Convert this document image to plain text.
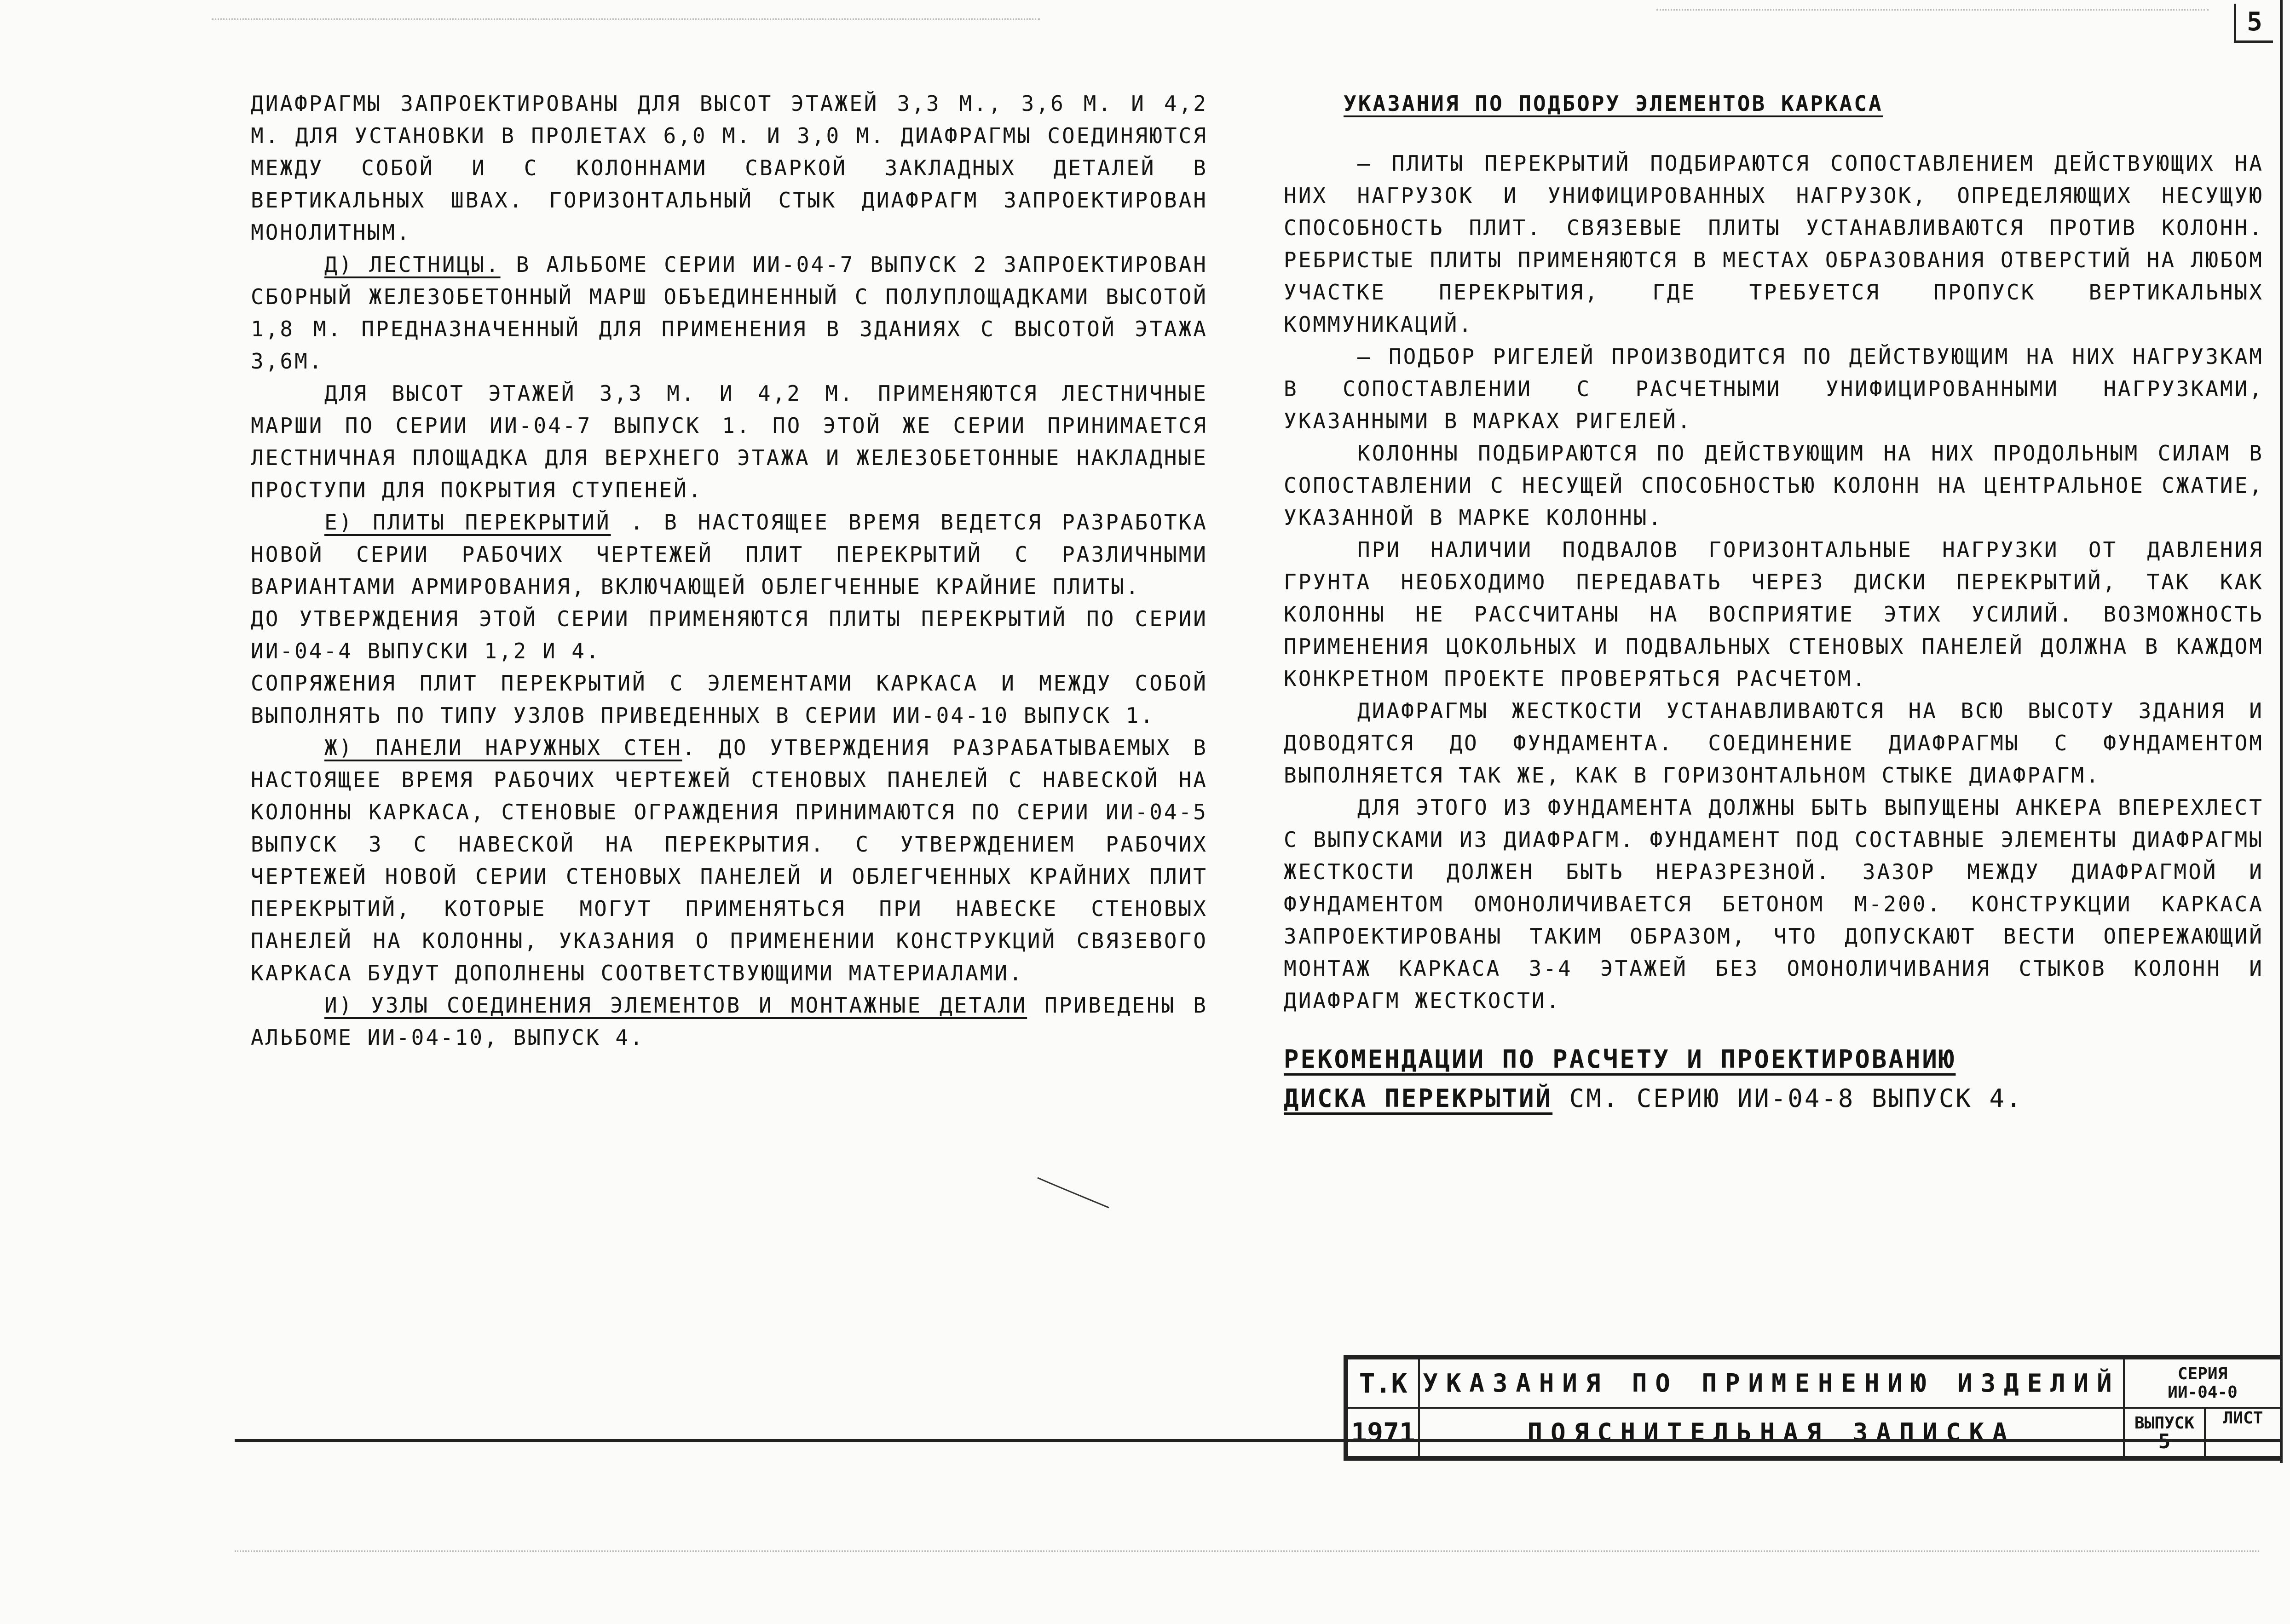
5

ДИАФРАГМЫ ЗАПРОЕКТИРОВАНЫ ДЛЯ ВЫСОТ ЭТАЖЕЙ 3,3 М., 3,6 М. И 4,2 М. ДЛЯ УСТАНОВКИ В ПРОЛЕТАХ 6,0 М. И 3,0 М. ДИАФРАГМЫ СОЕДИНЯЮТСЯ МЕЖДУ СОБОЙ И С КОЛОННАМИ СВАРКОЙ ЗАКЛАДНЫХ ДЕТАЛЕЙ В ВЕРТИКАЛЬНЫХ ШВАХ. ГОРИЗОНТАЛЬНЫЙ СТЫК ДИАФРАГМ ЗАПРОЕКТИРОВАН МОНОЛИТНЫМ.

Д) ЛЕСТНИЦЫ. В АЛЬБОМЕ СЕРИИ ИИ-04-7 ВЫПУСК 2 ЗАПРОЕКТИРОВАН СБОРНЫЙ ЖЕЛЕЗОБЕТОННЫЙ МАРШ ОБЪЕДИНЕННЫЙ С ПОЛУПЛОЩАДКАМИ ВЫСОТОЙ 1,8 М. ПРЕДНАЗНАЧЕННЫЙ ДЛЯ ПРИМЕНЕНИЯ В ЗДАНИЯХ С ВЫСОТОЙ ЭТАЖА 3,6М.

ДЛЯ ВЫСОТ ЭТАЖЕЙ 3,3 М. И 4,2 М. ПРИМЕНЯЮТСЯ ЛЕСТНИЧНЫЕ МАРШИ ПО СЕРИИ ИИ-04-7 ВЫПУСК 1. ПО ЭТОЙ ЖЕ СЕРИИ ПРИНИМАЕТСЯ ЛЕСТНИЧНАЯ ПЛОЩАДКА ДЛЯ ВЕРХНЕГО ЭТАЖА И ЖЕЛЕЗОБЕТОННЫЕ НАКЛАДНЫЕ ПРОСТУПИ ДЛЯ ПОКРЫТИЯ СТУПЕНЕЙ.

Е) ПЛИТЫ ПЕРЕКРЫТИЙ . В НАСТОЯЩЕЕ ВРЕМЯ ВЕДЕТСЯ РАЗРАБОТКА НОВОЙ СЕРИИ РАБОЧИХ ЧЕРТЕЖЕЙ ПЛИТ ПЕРЕКРЫТИЙ С РАЗЛИЧНЫМИ ВАРИАНТАМИ АРМИРОВАНИЯ, ВКЛЮЧАЮЩЕЙ ОБЛЕГЧЕННЫЕ КРАЙНИЕ ПЛИТЫ.

ДО УТВЕРЖДЕНИЯ ЭТОЙ СЕРИИ ПРИМЕНЯЮТСЯ ПЛИТЫ ПЕРЕКРЫТИЙ ПО СЕРИИ ИИ-04-4 ВЫПУСКИ 1,2 И 4.

СОПРЯЖЕНИЯ ПЛИТ ПЕРЕКРЫТИЙ С ЭЛЕМЕНТАМИ КАРКАСА И МЕЖДУ СОБОЙ ВЫПОЛНЯТЬ ПО ТИПУ УЗЛОВ ПРИВЕДЕННЫХ В СЕРИИ ИИ-04-10 ВЫПУСК 1.

Ж) ПАНЕЛИ НАРУЖНЫХ СТЕН. ДО УТВЕРЖДЕНИЯ РАЗРАБАТЫВАЕМЫХ В НАСТОЯЩЕЕ ВРЕМЯ РАБОЧИХ ЧЕРТЕЖЕЙ СТЕНОВЫХ ПАНЕЛЕЙ С НАВЕСКОЙ НА КОЛОННЫ КАРКАСА, СТЕНОВЫЕ ОГРАЖДЕНИЯ ПРИНИМАЮТСЯ ПО СЕРИИ ИИ-04-5 ВЫПУСК 3 С НАВЕСКОЙ НА ПЕРЕКРЫТИЯ. С УТВЕРЖДЕНИЕМ РАБОЧИХ ЧЕРТЕЖЕЙ НОВОЙ СЕРИИ СТЕНОВЫХ ПАНЕЛЕЙ И ОБЛЕГЧЕННЫХ КРАЙНИХ ПЛИТ ПЕРЕКРЫТИЙ, КОТОРЫЕ МОГУТ ПРИМЕНЯТЬСЯ ПРИ НАВЕСКЕ СТЕНОВЫХ ПАНЕЛЕЙ НА КОЛОННЫ, УКАЗАНИЯ О ПРИМЕНЕНИИ КОНСТРУКЦИЙ СВЯЗЕВОГО КАРКАСА БУДУТ ДОПОЛНЕНЫ СООТВЕТСТВУЮЩИМИ МАТЕРИАЛАМИ.

И) УЗЛЫ СОЕДИНЕНИЯ ЭЛЕМЕНТОВ И МОНТАЖНЫЕ ДЕТАЛИ ПРИВЕДЕНЫ В АЛЬБОМЕ ИИ-04-10, ВЫПУСК 4.

УКАЗАНИЯ ПО ПОДБОРУ ЭЛЕМЕНТОВ КАРКАСА

– ПЛИТЫ ПЕРЕКРЫТИЙ ПОДБИРАЮТСЯ СОПОСТАВЛЕНИЕМ ДЕЙСТВУЮЩИХ НА НИХ НАГРУЗОК И УНИФИЦИРОВАННЫХ НАГРУЗОК, ОПРЕДЕЛЯЮЩИХ НЕСУЩУЮ СПОСОБНОСТЬ ПЛИТ. СВЯЗЕВЫЕ ПЛИТЫ УСТАНАВЛИВАЮТСЯ ПРОТИВ КОЛОНН. РЕБРИСТЫЕ ПЛИТЫ ПРИМЕНЯЮТСЯ В МЕСТАХ ОБРАЗОВАНИЯ ОТВЕРСТИЙ НА ЛЮБОМ УЧАСТКЕ ПЕРЕКРЫТИЯ, ГДЕ ТРЕБУЕТСЯ ПРОПУСК ВЕРТИКАЛЬНЫХ КОММУНИКАЦИЙ.

– ПОДБОР РИГЕЛЕЙ ПРОИЗВОДИТСЯ ПО ДЕЙСТВУЮЩИМ НА НИХ НАГРУЗКАМ В СОПОСТАВЛЕНИИ С РАСЧЕТНЫМИ УНИФИЦИРОВАННЫМИ НАГРУЗКАМИ, УКАЗАННЫМИ В МАРКАХ РИГЕЛЕЙ.

КОЛОННЫ ПОДБИРАЮТСЯ ПО ДЕЙСТВУЮЩИМ НА НИХ ПРОДОЛЬНЫМ СИЛАМ В СОПОСТАВЛЕНИИ С НЕСУЩЕЙ СПОСОБНОСТЬЮ КОЛОНН НА ЦЕНТРАЛЬНОЕ СЖАТИЕ, УКАЗАННОЙ В МАРКЕ КОЛОННЫ.

ПРИ НАЛИЧИИ ПОДВАЛОВ ГОРИЗОНТАЛЬНЫЕ НАГРУЗКИ ОТ ДАВЛЕНИЯ ГРУНТА НЕОБХОДИМО ПЕРЕДАВАТЬ ЧЕРЕЗ ДИСКИ ПЕРЕКРЫТИЙ, ТАК КАК КОЛОННЫ НЕ РАССЧИТАНЫ НА ВОСПРИЯТИЕ ЭТИХ УСИЛИЙ. ВОЗМОЖНОСТЬ ПРИМЕНЕНИЯ ЦОКОЛЬНЫХ И ПОДВАЛЬНЫХ СТЕНОВЫХ ПАНЕЛЕЙ ДОЛЖНА В КАЖДОМ КОНКРЕТНОМ ПРОЕКТЕ ПРОВЕРЯТЬСЯ РАСЧЕТОМ.

ДИАФРАГМЫ ЖЕСТКОСТИ УСТАНАВЛИВАЮТСЯ НА ВСЮ ВЫСОТУ ЗДАНИЯ И ДОВОДЯТСЯ ДО ФУНДАМЕНТА. СОЕДИНЕНИЕ ДИАФРАГМЫ С ФУНДАМЕНТОМ ВЫПОЛНЯЕТСЯ ТАК ЖЕ, КАК В ГОРИЗОНТАЛЬНОМ СТЫКЕ ДИАФРАГМ.

ДЛЯ ЭТОГО ИЗ ФУНДАМЕНТА ДОЛЖНЫ БЫТЬ ВЫПУЩЕНЫ АНКЕРА ВПЕРЕХЛЕСТ С ВЫПУСКАМИ ИЗ ДИАФРАГМ. ФУНДАМЕНТ ПОД СОСТАВНЫЕ ЭЛЕМЕНТЫ ДИАФРАГМЫ ЖЕСТКОСТИ ДОЛЖЕН БЫТЬ НЕРАЗРЕЗНОЙ. ЗАЗОР МЕЖДУ ДИАФРАГМОЙ И ФУНДАМЕНТОМ ОМОНОЛИЧИВАЕТСЯ БЕТОНОМ М-200. КОНСТРУКЦИИ КАРКАСА ЗАПРОЕКТИРОВАНЫ ТАКИМ ОБРАЗОМ, ЧТО ДОПУСКАЮТ ВЕСТИ ОПЕРЕЖАЮЩИЙ МОНТАЖ КАРКАСА 3-4 ЭТАЖЕЙ БЕЗ ОМОНОЛИЧИВАНИЯ СТЫКОВ КОЛОНН И ДИАФРАГМ ЖЕСТКОСТИ.

РЕКОМЕНДАЦИИ ПО РАСЧЕТУ И ПРОЕКТИРОВАНИЮ
ДИСКА ПЕРЕКРЫТИЙ СМ. СЕРИЮ ИИ-04-8 ВЫПУСК 4.
Т.К	УКАЗАНИЯ ПО ПРИМЕНЕНИЮ ИЗДЕЛИЙ	СЕРИЯ
ИИ-04-0	

1971	ПОЯСНИТЕЛЬНАЯ ЗАПИСКА	ВЫПУСК
5	ЛИСТ
